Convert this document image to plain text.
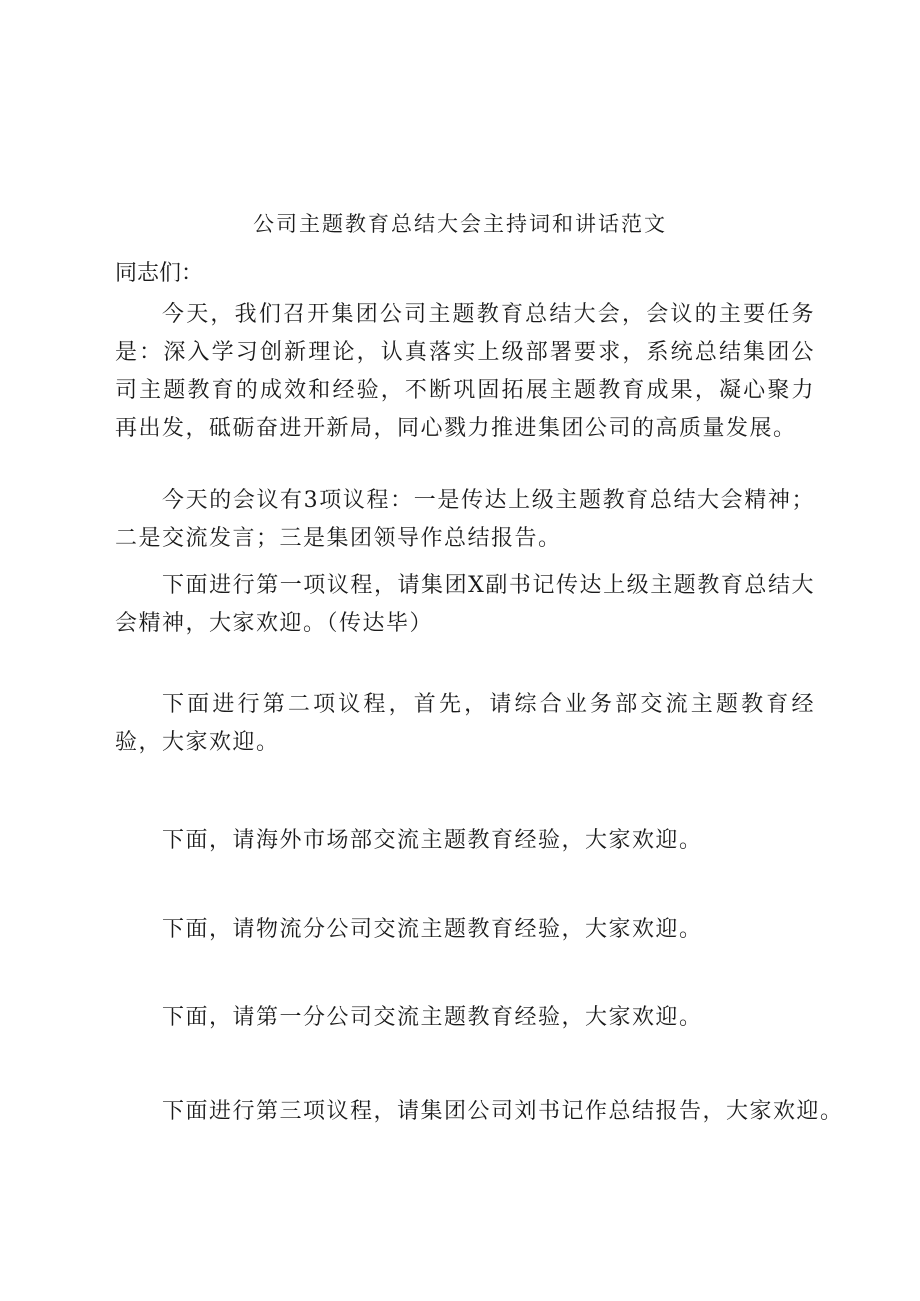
公司主题教育总结大会主持词和讲话范文

同志们：

今天，我们召开集团公司主题教育总结大会，会议的主要任务是：深入学习创新理论，认真落实上级部署要求，系统总结集团公司主题教育的成效和经验，不断巩固拓展主题教育成果，凝心聚力再出发，砥砺奋进开新局，同心戮力推进集团公司的高质量发展。

今天的会议有3项议程：一是传达上级主题教育总结大会精神；二是交流发言；三是集团领导作总结报告。

下面进行第一项议程，请集团X副书记传达上级主题教育总结大会精神，大家欢迎。（传达毕）

下面进行第二项议程，首先，请综合业务部交流主题教育经验，大家欢迎。

下面，请海外市场部交流主题教育经验，大家欢迎。

下面，请物流分公司交流主题教育经验，大家欢迎。

下面，请第一分公司交流主题教育经验，大家欢迎。

下面进行第三项议程，请集团公司刘书记作总结报告，大家欢迎。
